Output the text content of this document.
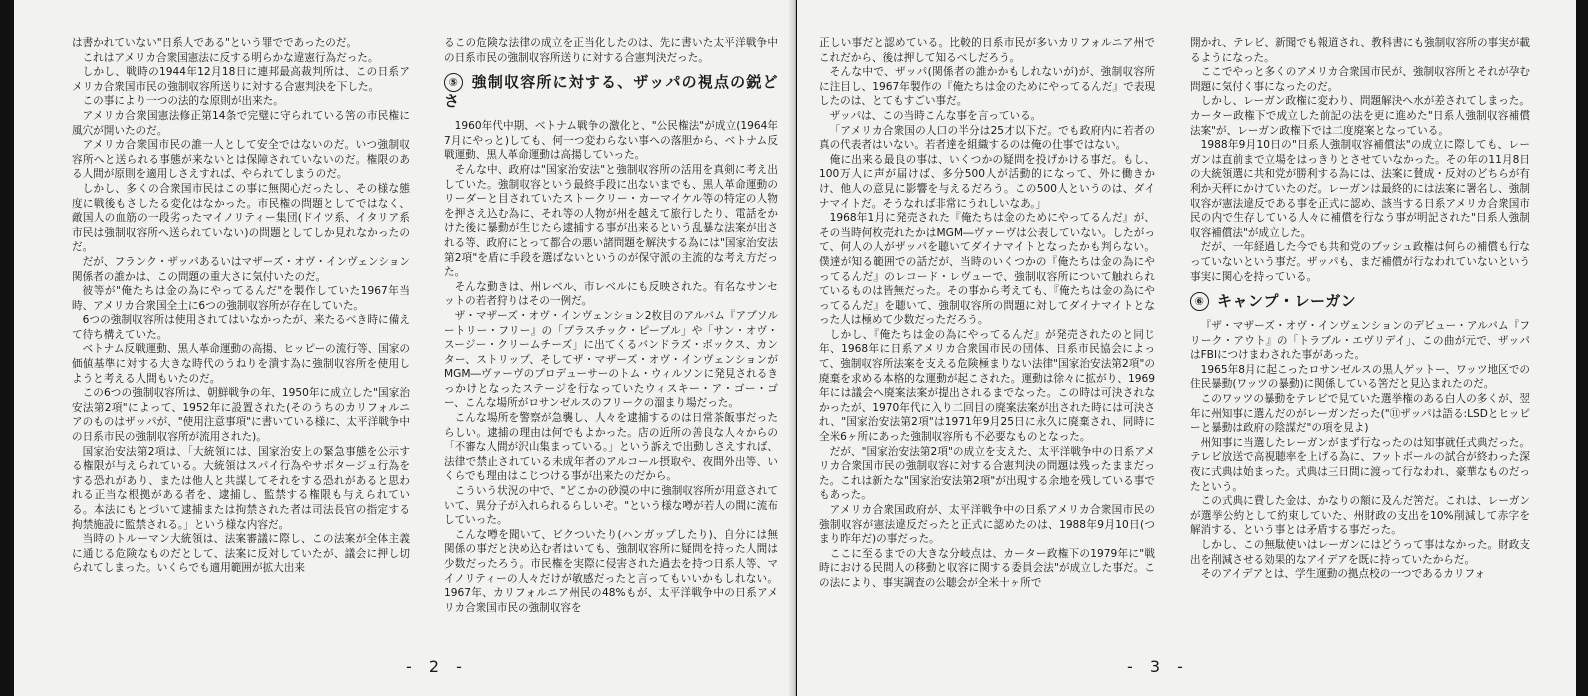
は書かれていない"日系人である"という罪でであったのだ。

これはアメリカ合衆国憲法に反する明らかな違憲行為だった。

しかし、戦時の1944年12月18日に連邦最高裁判所は、この日系アメリカ合衆国市民の強制収容所送りに対する合憲判決を下した。

この事により一つの法的な原則が出来た。

アメリカ合衆国憲法修正第14条で完璧に守られている筈の市民権に風穴が開いたのだ。

アメリカ合衆国市民の誰一人として安全ではないのだ。いつ強制収容所へと送られる事態が来ないとは保障されていないのだ。権限のある人間が原則を適用しさえすれば、やられてしまうのだ。

しかし、多くの合衆国市民はこの事に無関心だったし、その様な態度に戦後もさしたる変化はなかった。市民権の問題としてではなく、敵国人の血筋の一段劣ったマイノリティー集団(ドイツ系、イタリア系市民は強制収容所へ送られていない)の問題としてしか見れなかったのだ。

だが、フランク・ザッパあるいはマザーズ・オヴ・インヴェンション関係者の誰かは、この問題の重大さに気付いたのだ。

彼等が"俺たちは金の為にやってるんだ"を製作していた1967年当時、アメリカ合衆国全土に6つの強制収容所が存在していた。

6つの強制収容所は使用されてはいなかったが、来たるべき時に備えて待ち構えていた。

ベトナム反戦運動、黒人革命運動の高揚、ヒッピーの流行等、国家の価値基準に対する大きな時代のうねりを潰す為に強制収容所を使用しようと考える人間もいたのだ。

この6つの強制収容所は、朝鮮戦争の年、1950年に成立した"国家治安法第2項"によって、1952年に設置された(そのうちのカリフォルニアのものはザッパが、"使用注意事項"に書いている様に、太平洋戦争中の日系市民の強制収容所が流用された)。

国家治安法第2項は、「大統領には、国家治安上の緊急事態を公示する権限が与えられている。大統領はスパイ行為やサボタージュ行為をする恐れがあり、または他人と共謀してそれをする恐れがあると思われる正当な根拠がある者を、逮捕し、監禁する権限も与えられている。本法にもとづいて逮捕または拘禁された者は司法長官の指定する拘禁施設に監禁される。」という様な内容だ。

当時のトルーマン大統領は、法案審議に際し、この法案が全体主義に通じる危険なものだとして、法案に反対していたが、議会に押し切られてしまった。いくらでも適用範囲が拡大出来

るこの危険な法律の成立を正当化したのは、先に書いた太平洋戦争中の日系市民の強制収容所送りに対する合憲判決だった。

⑤ 強制収容所に対する、ザッパの視点の鋭どさ

1960年代中期、ベトナム戦争の激化と、"公民権法"が成立(1964年7月にやっと)しても、何一つ変わらない事への落胆から、ベトナム反戦運動、黒人革命運動は高揚していった。

そんな中、政府は"国家治安法"と強制収容所の活用を真剣に考え出していた。強制収容という最終手段に出ないまでも、黒人革命運動のリーダーと目されていたストークリー・カーマイケル等の特定の人物を押さえ込む為に、それ等の人物が州を越えて旅行したり、電話をかけた後に暴動が生じたら逮捕する事が出来るという乱暴な法案が出される等、政府にとって都合の悪い諸問題を解決する為には"国家治安法第2項"を盾に手段を選ばないというのが保守派の主流的な考え方だった。

そんな動きは、州レベル、市レベルにも反映された。有名なサンセットの若者狩りはその一例だ。

ザ・マザーズ・オヴ・インヴェンション2枚目のアルバム『アブソルートリー・フリー』の「プラスチック・ピープル」や「サン・オヴ・スージー・クリームチーズ」に出てくるバンドラズ・ボックス、カンター、ストリップ、そしてザ・マザーズ・オヴ・インヴェンションがMGM―ヴァーヴのプロデューサーのトム・ウィルソンに発見されるきっかけとなったステージを行なっていたウィスキー・ア・ゴー・ゴー、こんな場所がロサンゼルスのフリークの溜まり場だった。

こんな場所を警察が急襲し、人々を逮捕するのは日常茶飯事だったらしい。逮捕の理由は何でもよかった。店の近所の善良な人々からの「不審な人間が沢山集まっている。」という訴えで出動しさえすれば、法律で禁止されている未成年者のアルコール摂取や、夜間外出等、いくらでも理由はこじつける事が出来たのだから。

こういう状況の中で、"どこかの砂漠の中に強制収容所が用意されていて、異分子が入れられるらしいぞ。"という様な噂が若人の間に流布していった。

こんな噂を聞いて、ビクついたり(ハンガップしたり)、自分には無関係の事だと決め込む者はいても、強制収容所に疑問を持った人間は少数だったろう。市民権を実際に侵害された過去を持つ日系人等、マイノリティーの人々だけが敏感だったと言ってもいいかもしれない。1967年、カリフォルニア州民の48%もが、太平洋戦争中の日系アメリカ合衆国市民の強制収容を

- 2 -

正しい事だと認めている。比較的日系市民が多いカリフォルニア州でこれだから、後は押して知るべしだろう。

そんな中で、ザッパ(関係者の誰かかもしれないが)が、強制収容所に注目し、1967年製作の『俺たちは金のためにやってるんだ』で表現したのは、とてもすごい事だ。

ザッパは、この当時こんな事を言っている。

「アメリカ合衆国の人口の半分は25才以下だ。でも政府内に若者の真の代表者はいない。若者達を組織するのは俺の仕事ではない。

俺に出来る最良の事は、いくつかの疑問を投げかける事だ。もし、100万人に声が届けば、多分500人が活動的になって、外に働きかけ、他人の意見に影響を与えるだろう。この500人というのは、ダイナマイトだ。そうなれば非常にうれしいなあ。」

1968年1月に発売された『俺たちは金のためにやってるんだ』が、その当時何枚売れたかはMGM―ヴァーヴは公表していない。したがって、何人の人がザッパを聴いてダイナマイトとなったかも判らない。僕達が知る範囲での話だが、当時のいくつかの『俺たちは金の為にやってるんだ』のレコード・レヴューで、強制収容所について触れられているものは皆無だった。その事から考えても、『俺たちは金の為にやってるんだ』を聴いて、強制収容所の問題に対してダイナマイトとなった人は極めて少数だっただろう。

しかし、『俺たちは金の為にやってるんだ』が発売されたのと同じ年、1968年に日系アメリカ合衆国市民の団体、日系市民協会によって、強制収容所法案を支える危険極まりない法律"国家治安法第2項"の廃棄を求める本格的な運動が起こされた。運動は徐々に拡がり、1969年には議会へ廃案法案が提出されるまでなった。この時は可決されなかったが、1970年代に入り二回目の廃案法案が出された時には可決され、"国家治安法第2項"は1971年9月25日に永久に廃棄され、同時に全米6ヶ所にあった強制収容所も不必要なものとなった。

だが、"国家治安法第2項"の成立を支えた、太平洋戦争中の日系アメリカ合衆国市民の強制収容に対する合憲判決の問題は残ったままだった。これは新たな"国家治安法第2項"が出現する余地を残している事でもあった。

アメリカ合衆国政府が、太平洋戦争中の日系アメリカ合衆国市民の強制収容が憲法違反だったと正式に認めたのは、1988年9月10日(つまり昨年だ)の事だった。

ここに至るまでの大きな分岐点は、カーター政権下の1979年に"戦時における民間人の移動と収容に関する委員会法"が成立した事だ。この法により、事実調査の公聴会が全米十ヶ所で

開かれ、テレビ、新聞でも報道され、教科書にも強制収容所の事実が載るようになった。

ここでやっと多くのアメリカ合衆国市民が、強制収容所とそれが孕む問題に気付く事になったのだ。

しかし、レーガン政権に変わり、問題解決へ水が差されてしまった。カーター政権下で成立した前記の法を更に進めた"日系人強制収容補償法案"が、レーガン政権下では二度廃案となっている。

1988年9月10日の"日系人強制収容補償法"の成立に際しても、レーガンは直前まで立場をはっきりとさせていなかった。その年の11月8日の大統領選に共和党が勝利する為には、法案に賛成・反対のどちらが有利か天秤にかけていたのだ。レーガンは最終的には法案に署名し、強制収容が憲法違反である事を正式に認め、該当する日系アメリカ合衆国市民の内で生存している人々に補償を行なう事が明記された"日系人強制収容補償法"が成立した。

だが、一年経過した今でも共和党のブッシュ政権は何らの補償も行なっていないという事だ。ザッパも、まだ補償が行なわれていないという事実に関心を持っている。

⑥ キャンプ・レーガン

『ザ・マザーズ・オヴ・インヴェンションのデビュー・アルバム『フリーク・アウト』の「トラブル・エヴリデイ」、この曲が元で、ザッパはFBIにつけまわされた事があった。

1965年8月に起こったロサンゼルスの黒人ゲットー、ワッツ地区での住民暴動(ワッツの暴動)に関係している筈だと見込まれたのだ。

このワッツの暴動をテレビで見ていた選挙権のある白人の多くが、翌年に州知事に選んだのがレーガンだった("⑪ザッパは語る:LSDとヒッピーと暴動は政府の陰謀だ"の項を見よ)

州知事に当選したレーガンがまず行なったのは知事就任式典だった。テレビ放送で高視聴率を上げる為に、フットボールの試合が終わった深夜に式典は始まった。式典は三日間に渡って行なわれ、豪華なものだったという。

この式典に費した金は、かなりの額に及んだ筈だ。これは、レーガンが選挙公約として約束していた、州財政の支出を10%削減して赤字を解消する、という事とは矛盾する事だった。

しかし、この無駄使いはレーガンにはどうって事はなかった。財政支出を削減させる効果的なアイデアを既に持っていたからだ。

そのアイデアとは、学生運動の拠点校の一つであるカリフォ

- 3 -
